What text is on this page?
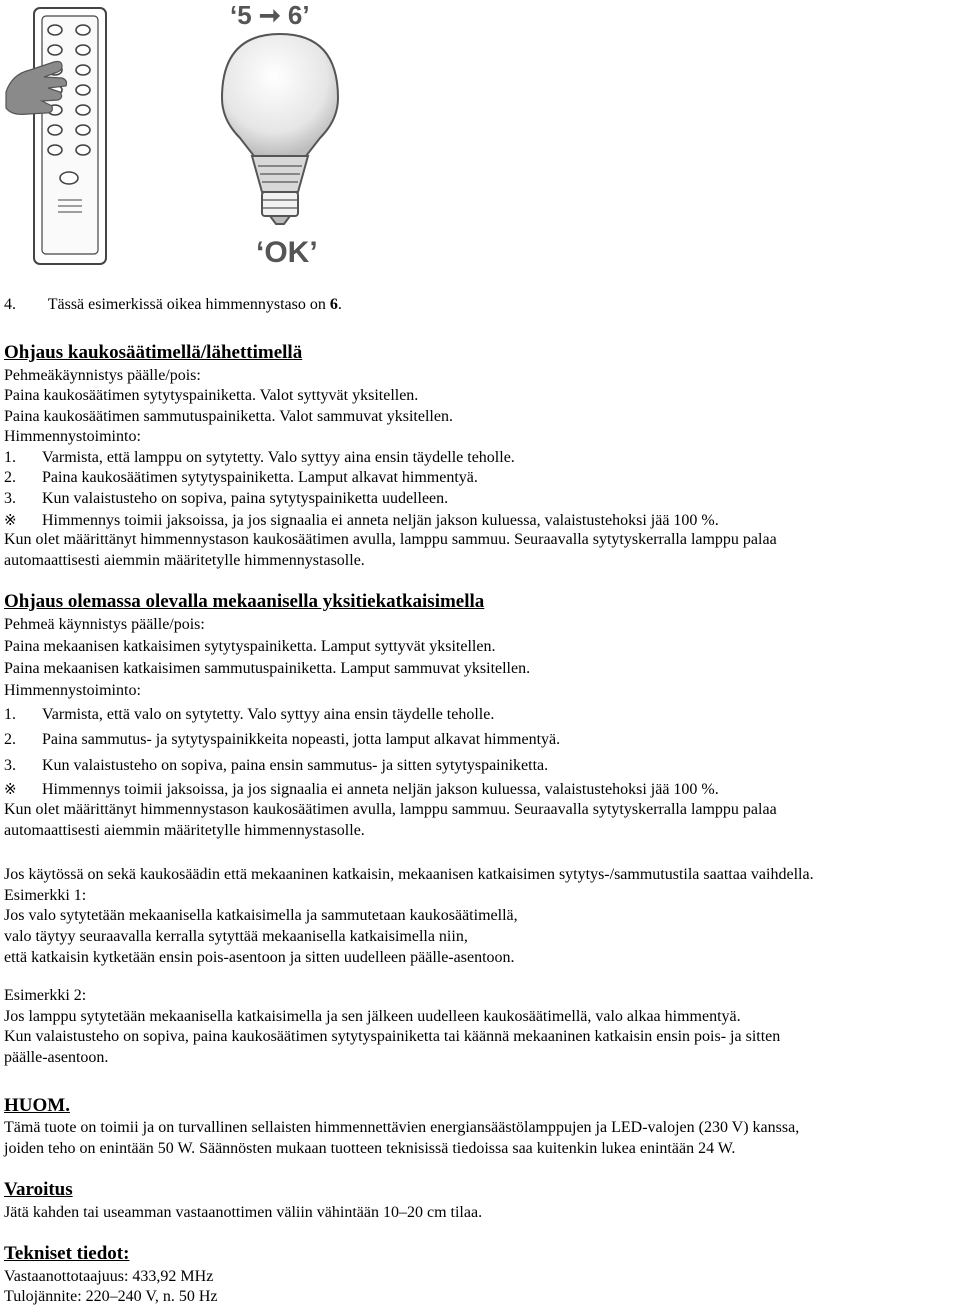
‘5 ➞ 6’
‘OK’
4. Tässä esimerkissä oikea himmennystaso on 6.
Ohjaus kaukosäätimellä/lähettimellä
Pehmeäkäynnistys päälle/pois:
Paina kaukosäätimen sytytyspainiketta. Valot syttyvät yksitellen.
Paina kaukosäätimen sammutuspainiketta. Valot sammuvat yksitellen.
Himmennystoiminto:
1. Varmista, että lamppu on sytytetty. Valo syttyy aina ensin täydelle teholle.
2. Paina kaukosäätimen sytytyspainiketta. Lamput alkavat himmentyä.
3. Kun valaistusteho on sopiva, paina sytytyspainiketta uudelleen.
※ Himmennys toimii jaksoissa, ja jos signaalia ei anneta neljän jakson kuluessa, valaistustehoksi jää 100 %.
Kun olet määrittänyt himmennystason kaukosäätimen avulla, lamppu sammuu. Seuraavalla sytytyskerralla lamppu palaa
automaattisesti aiemmin määritetylle himmennystasolle.
Ohjaus olemassa olevalla mekaanisella yksitiekatkaisimella
Pehmeä käynnistys päälle/pois:
Paina mekaanisen katkaisimen sytytyspainiketta. Lamput syttyvät yksitellen.
Paina mekaanisen katkaisimen sammutuspainiketta. Lamput sammuvat yksitellen.
Himmennystoiminto:
1. Varmista, että valo on sytytetty. Valo syttyy aina ensin täydelle teholle.
2. Paina sammutus- ja sytytyspainikkeita nopeasti, jotta lamput alkavat himmentyä.
3. Kun valaistusteho on sopiva, paina ensin sammutus- ja sitten sytytyspainiketta.
※ Himmennys toimii jaksoissa, ja jos signaalia ei anneta neljän jakson kuluessa, valaistustehoksi jää 100 %.
Kun olet määrittänyt himmennystason kaukosäätimen avulla, lamppu sammuu. Seuraavalla sytytyskerralla lamppu palaa
automaattisesti aiemmin määritetylle himmennystasolle.
Jos käytössä on sekä kaukosäädin että mekaaninen katkaisin, mekaanisen katkaisimen sytytys-/sammutustila saattaa vaihdella.
Esimerkki 1:
Jos valo sytytetään mekaanisella katkaisimella ja sammutetaan kaukosäätimellä,
valo täytyy seuraavalla kerralla sytyttää mekaanisella katkaisimella niin,
että katkaisin kytketään ensin pois-asentoon ja sitten uudelleen päälle-asentoon.
Esimerkki 2:
Jos lamppu sytytetään mekaanisella katkaisimella ja sen jälkeen uudelleen kaukosäätimellä, valo alkaa himmentyä.
Kun valaistusteho on sopiva, paina kaukosäätimen sytytyspainiketta tai käännä mekaaninen katkaisin ensin pois- ja sitten
päälle-asentoon.
HUOM.
Tämä tuote on toimii ja on turvallinen sellaisten himmennettävien energiansäästölamppujen ja LED-valojen (230 V) kanssa,
joiden teho on enintään 50 W. Säännösten mukaan tuotteen teknisissä tiedoissa saa kuitenkin lukea enintään 24 W.
Varoitus
Jätä kahden tai useamman vastaanottimen väliin vähintään 10–20 cm tilaa.
Tekniset tiedot:
Vastaanottotaajuus: 433,92 MHz
Tulojännite: 220–240 V, n. 50 Hz
